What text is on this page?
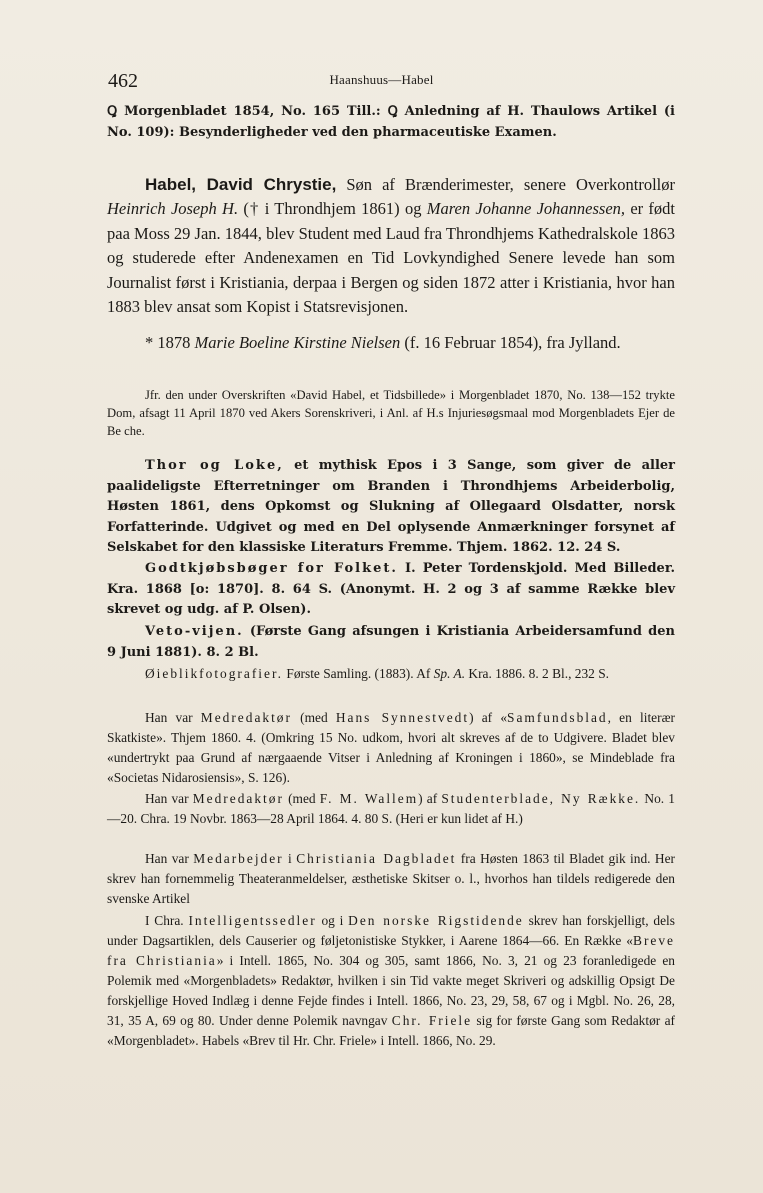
462	Haanshuus—Habel

Ꝗ Morgenbladet 1854, No. 165 Till.: Ꝗ Anledning af H. Thaulows Artikel (i No. 109): Besynderligheder ved den pharmaceutiske Examen.

Habel, David Chrystie, Søn af Brænderimester, senere Overkontrollør Heinrich Joseph H. († i Throndhjem 1861) og Maren Johanne Johannessen, er født paa Moss 29 Jan. 1844, blev Student med Laud fra Throndhjems Kathedralskole 1863 og studerede efter Andenexamen en Tid Lovkyndighed Senere levede han som Journalist først i Kristiania, derpaa i Bergen og siden 1872 atter i Kristiania, hvor han 1883 blev ansat som Kopist i Statsrevisjonen.

* 1878 Marie Boeline Kirstine Nielsen (f. 16 Februar 1854), fra Jylland.

Jfr. den under Overskriften «David Habel, et Tidsbillede» i Morgenbladet 1870, No. 138—152 trykte Dom, afsagt 11 April 1870 ved Akers Sorenskriveri, i Anl. af H.s Injuriesøgsmaal mod Morgenbladets Ejer de Be che.

Thor og Loke, et mythisk Epos i 3 Sange, som giver de aller paalideligste Efterretninger om Branden i Throndhjems Arbeiderbolig, Høsten 1861, dens Opkomst og Slukning af Ollegaard Olsdatter, norsk Forfatterinde. Udgivet og med en Del oplysende Anmærkninger forsynet af Selskabet for den klassiske Literaturs Fremme. Thjem. 1862. 12. 24 S.

Godtkjøbsbøger for Folket. I. Peter Tordenskjold. Med Billeder. Kra. 1868 [o: 1870]. 8. 64 S. (Anonymt. H. 2 og 3 af samme Række blev skrevet og udg. af P. Olsen).

Veto-vijen. (Første Gang afsungen i Kristiania Arbeidersamfund den 9 Juni 1881). 8. 2 Bl.

Øieblikfotografier. Første Samling. (1883). Af Sp. A. Kra. 1886. 8. 2 Bl., 232 S.

Han var Medredaktør (med Hans Synnestvedt) af «Samfundsblad, en literær Skatkiste». Thjem 1860. 4. (Omkring 15 No. udkom, hvori alt skreves af de to Udgivere. Bladet blev «undertrykt paa Grund af nærgaaende Vitser i Anledning af Kroningen i 1860», se Mindeblade fra «Societas Nidarosiensis», S. 126).

Han var Medredaktør (med F. M. Wallem) af Studenterblade, Ny Række. No. 1—20. Chra. 19 Novbr. 1863—28 April 1864. 4. 80 S. (Heri er kun lidet af H.)

Han var Medarbejder i Christiania Dagbladet fra Høsten 1863 til Bladet gik ind. Her skrev han fornemmelig Theateranmeldelser, æsthetiske Skitser o. l., hvorhos han tildels redigerede den svenske Artikel

I Chra. Intelligentssedler og i Den norske Rigstidende skrev han forskjelligt, dels under Dagsartiklen, dels Causerier og føljetonistiske Stykker, i Aarene 1864—66. En Række «Breve fra Christiania» i Intell. 1865, No. 304 og 305, samt 1866, No. 3, 21 og 23 foranledigede en Polemik med «Morgenbladets» Redaktør, hvilken i sin Tid vakte meget Skriveri og adskillig Opsigt De forskjellige Hoved Indlæg i denne Fejde findes i Intell. 1866, No. 23, 29, 58, 67 og i Mgbl. No. 26, 28, 31, 35 A, 69 og 80. Under denne Polemik navngav Chr. Friele sig for første Gang som Redaktør af «Morgenbladet». Habels «Brev til Hr. Chr. Friele» i Intell. 1866, No. 29.
